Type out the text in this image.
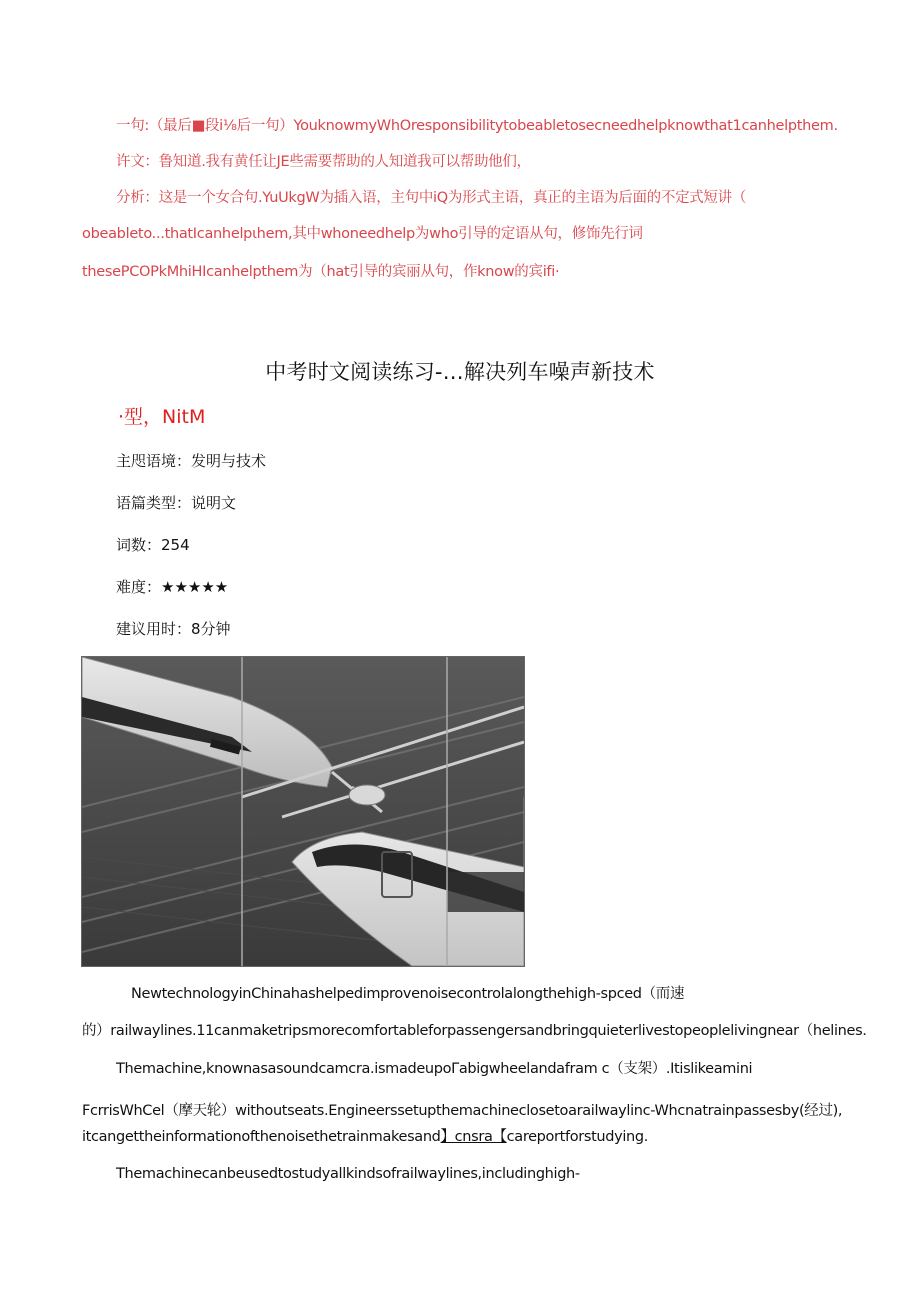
一句:（最后■段i⅛后一句）YouknowmyWhOresponsibilitytobeabletosecneedhelpknowthat1canhelpthem.
许文：鲁知道.我有黄任让JE些需要帮助的人知道我可以帮助他们，
分析：这是一个女合句.YuUkgW为插入语，主句中iQ为形式主语，真正的主语为后面的不定式短讲（
obeableto...thatIcanhelpιhem,其中whoneedhelp为who引导的定语从句，修饰先行词
thesePCOPkMhiHIcanhelpthem为（hat引导的宾丽从句，作know的宾ifi·
中考时文阅读练习-…解决列车噪声新技术
·型，NitM
主咫语境：发明与技术
语篇类型：说明文
词数：254
难度：★★★★★
建议用时：8分钟
NewtechnologyinChinahashelpedimprovenoisecontrolalongthehigh-spced（而速
的）railwaylines.11canmaketripsmorecomfortableforpassengersandbringquieterlivestopeoplelivingnear（helines.
Themachine,knownasasoundcamcra.ismadeupoΓabigwheelandafram c（支架）.Itislikeamini
FcrrisWhCel（摩天轮）withoutseats.Engineerssetupthemachineclosetoarailwaylinc-Whcnatrainpassesby(经过),
itcangettheinformationofthenoisethetrainmakesand】cnsra【careportforstudying.
Themachinecanbeusedtostudyallkindsofrailwaylines,includinghigh-
